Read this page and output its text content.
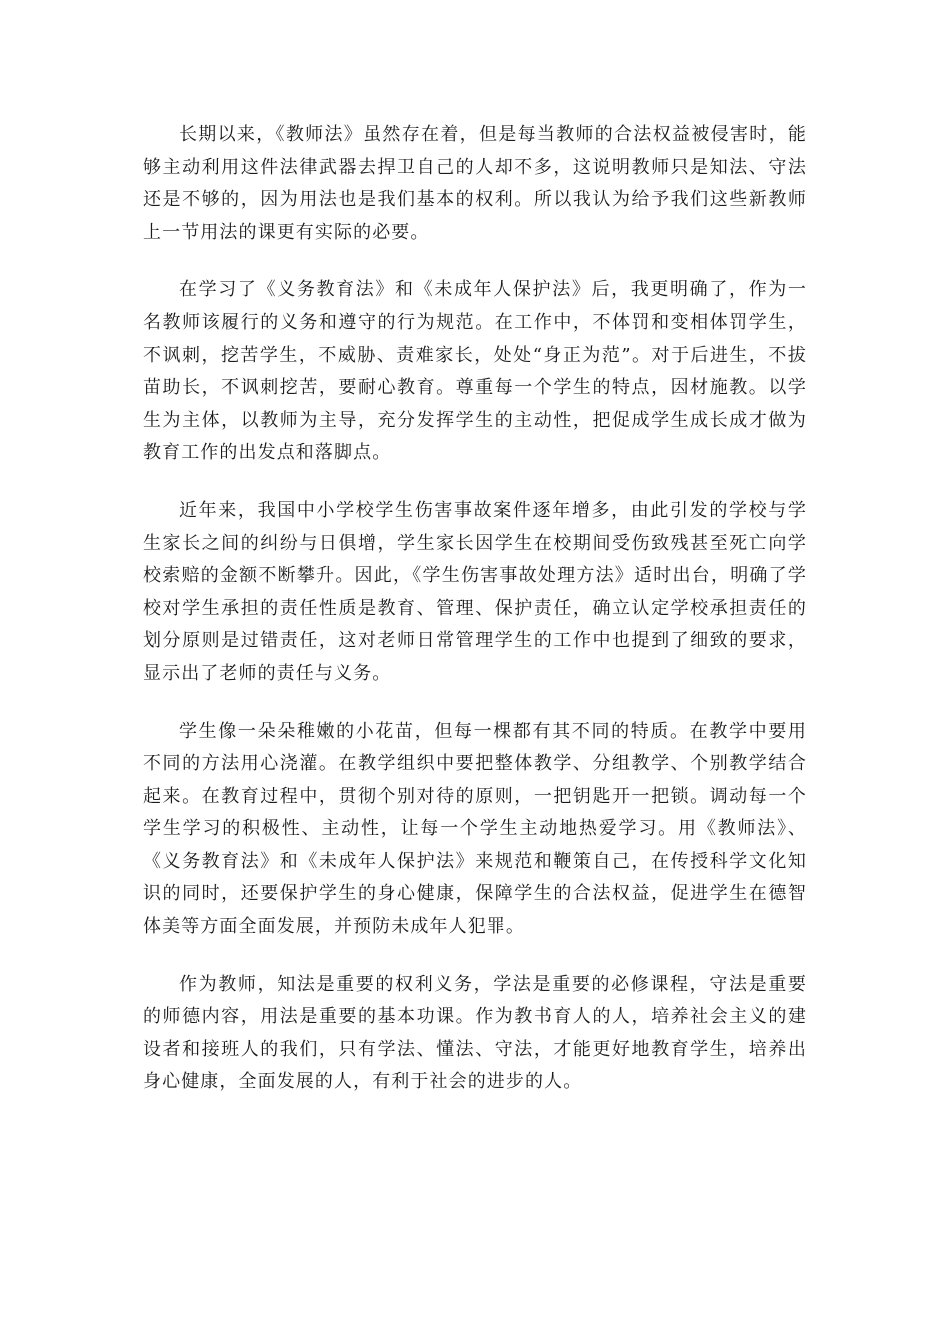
长期以来，《教师法》虽然存在着，但是每当教师的合法权益被侵害时，能够主动利用这件法律武器去捍卫自己的人却不多，这说明教师只是知法、守法还是不够的，因为用法也是我们基本的权利。所以我认为给予我们这些新教师上一节用法的课更有实际的必要。

在学习了《义务教育法》和《未成年人保护法》后，我更明确了，作为一名教师该履行的义务和遵守的行为规范。在工作中，不体罚和变相体罚学生，不讽刺，挖苦学生，不威胁、责难家长，处处“身正为范”。对于后进生，不拔苗助长，不讽刺挖苦，要耐心教育。尊重每一个学生的特点，因材施教。以学生为主体，以教师为主导，充分发挥学生的主动性，把促成学生成长成才做为教育工作的出发点和落脚点。

近年来，我国中小学校学生伤害事故案件逐年增多，由此引发的学校与学生家长之间的纠纷与日俱增，学生家长因学生在校期间受伤致残甚至死亡向学校索赔的金额不断攀升。因此，《学生伤害事故处理方法》适时出台，明确了学校对学生承担的责任性质是教育、管理、保护责任，确立认定学校承担责任的划分原则是过错责任，这对老师日常管理学生的工作中也提到了细致的要求，显示出了老师的责任与义务。

学生像一朵朵稚嫩的小花苗，但每一棵都有其不同的特质。在教学中要用不同的方法用心浇灌。在教学组织中要把整体教学、分组教学、个别教学结合起来。在教育过程中，贯彻个别对待的原则，一把钥匙开一把锁。调动每一个学生学习的积极性、主动性，让每一个学生主动地热爱学习。用《教师法》、《义务教育法》和《未成年人保护法》来规范和鞭策自己，在传授科学文化知识的同时，还要保护学生的身心健康，保障学生的合法权益，促进学生在德智体美等方面全面发展，并预防未成年人犯罪。

作为教师，知法是重要的权利义务，学法是重要的必修课程，守法是重要的师德内容，用法是重要的基本功课。作为教书育人的人，培养社会主义的建设者和接班人的我们，只有学法、懂法、守法，才能更好地教育学生，培养出身心健康，全面发展的人，有利于社会的进步的人。
